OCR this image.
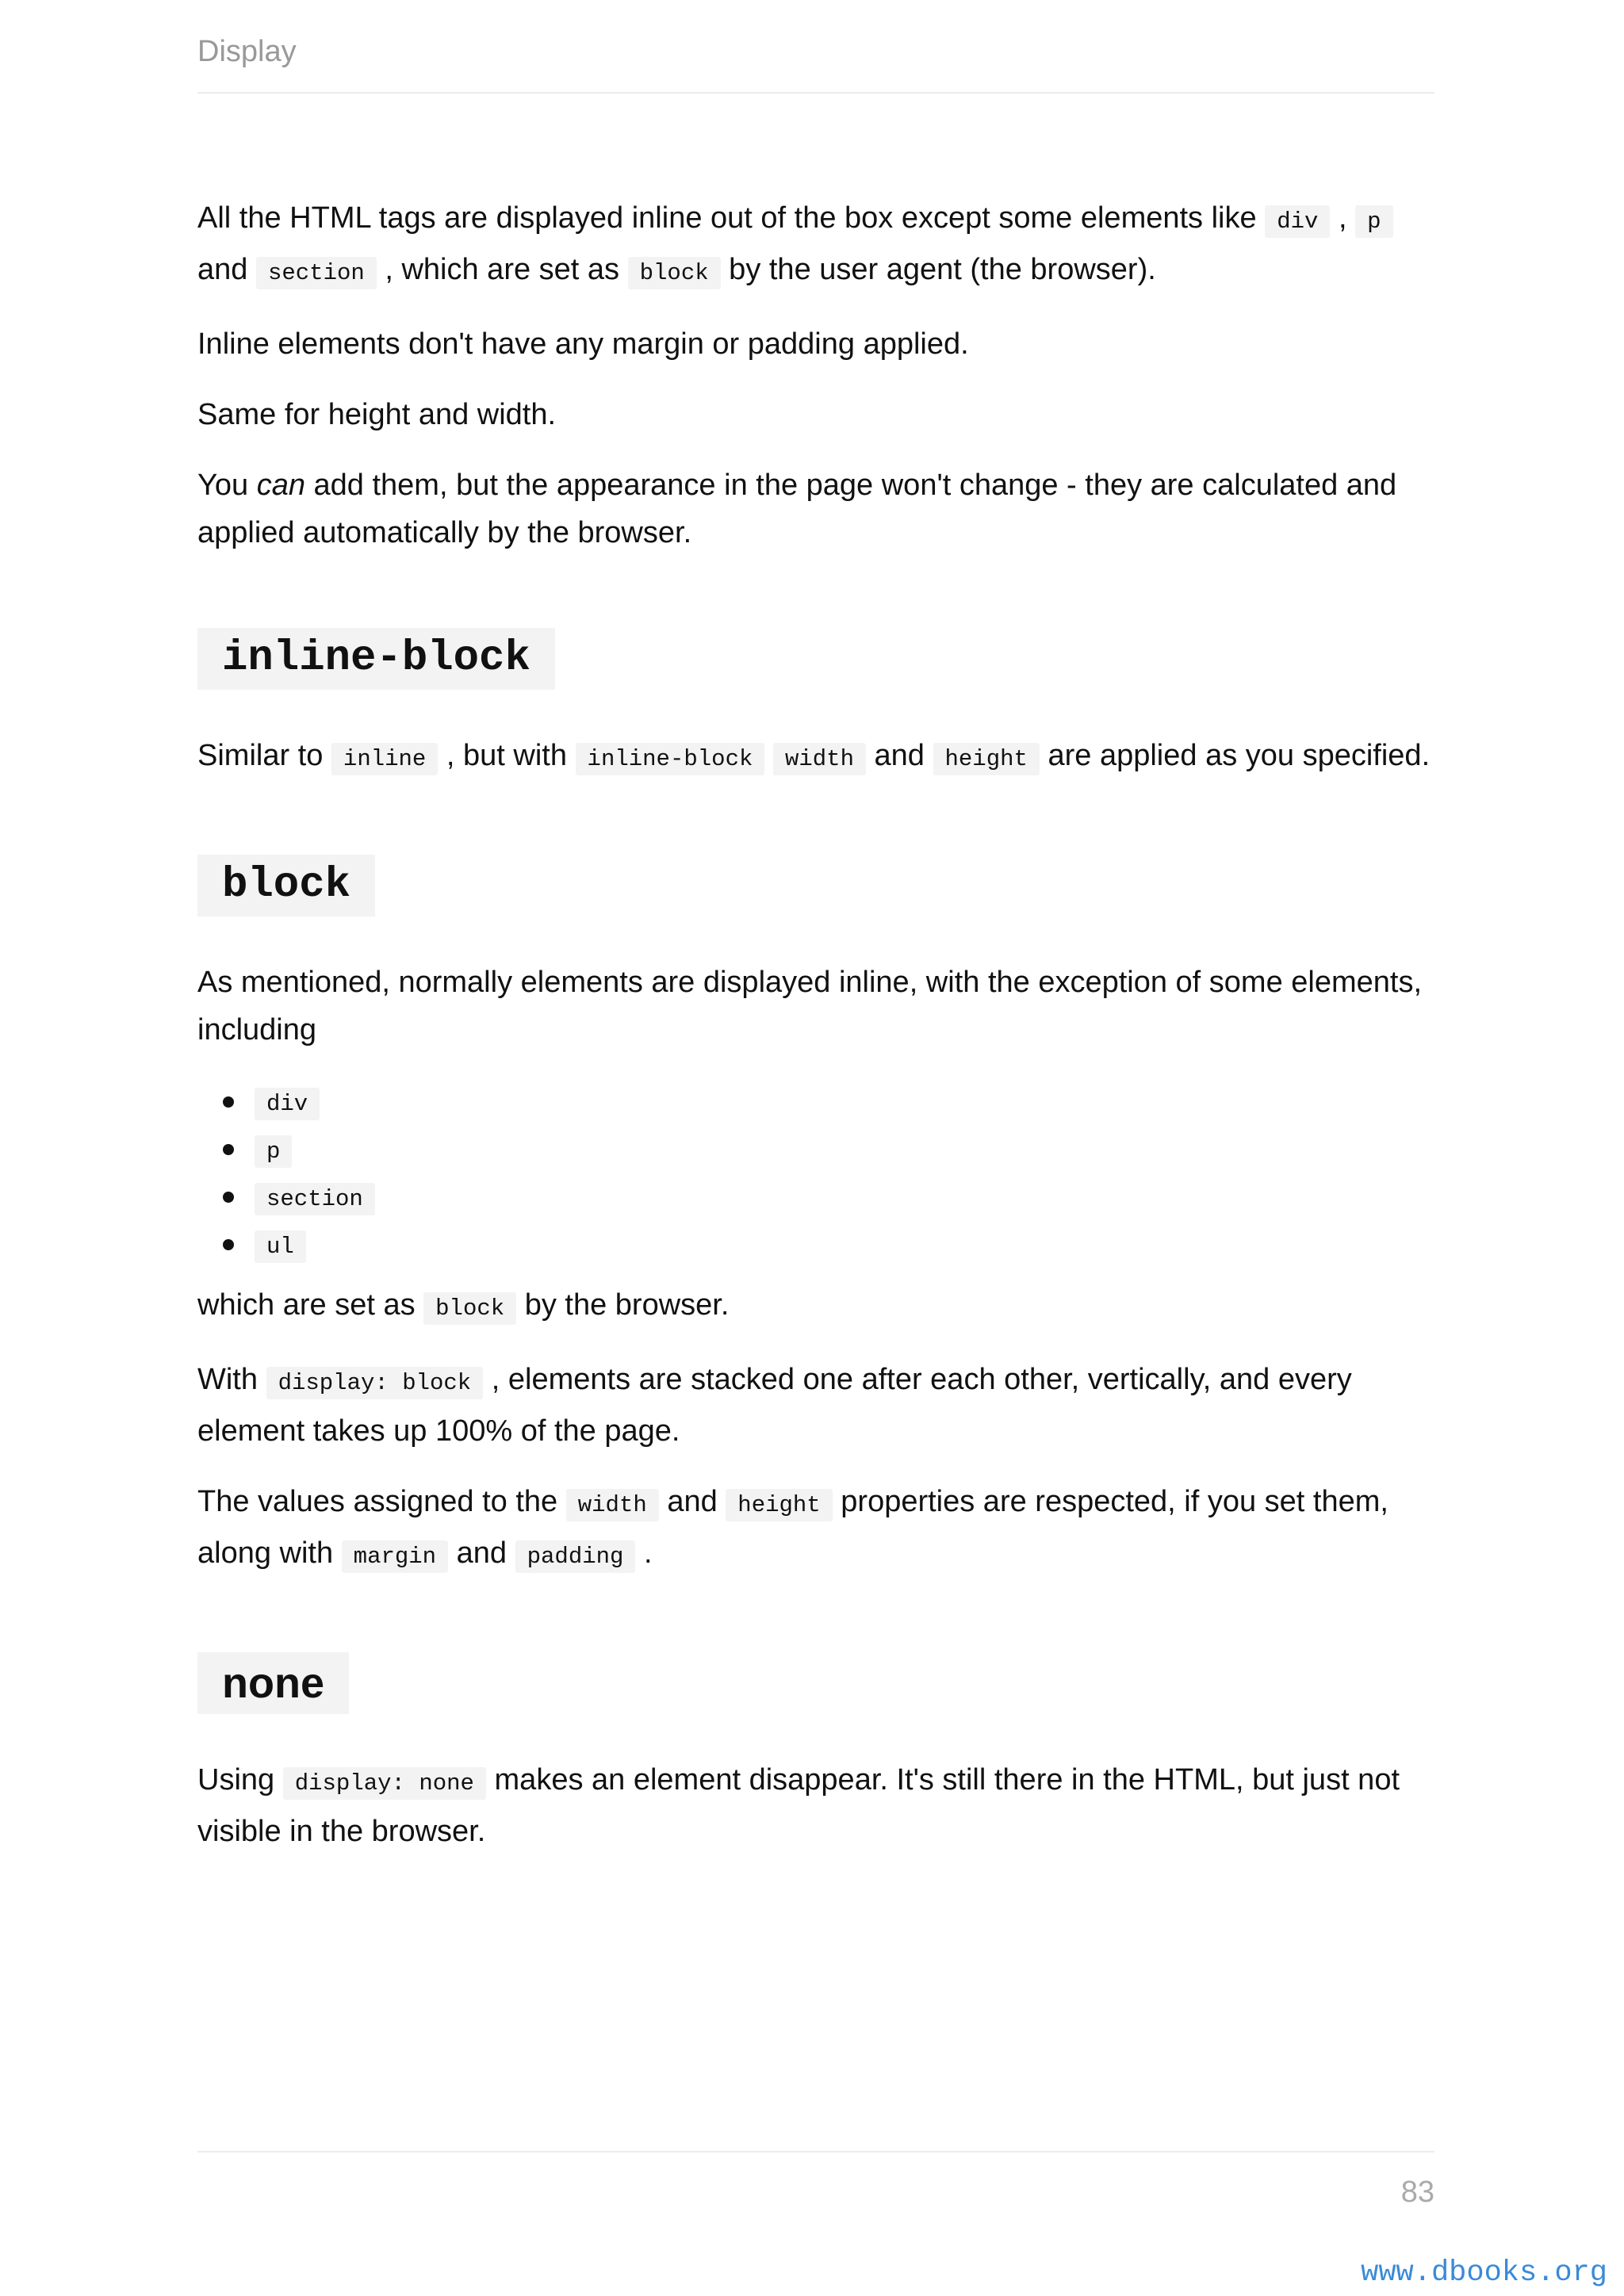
Display

All the HTML tags are displayed inline out of the box except some elements like div , p and section , which are set as block by the user agent (the browser).

Inline elements don't have any margin or padding applied.

Same for height and width.

You can add them, but the appearance in the page won't change - they are calculated and applied automatically by the browser.

inline-block

Similar to inline , but with inline-block width and height are applied as you specified.

block

As mentioned, normally elements are displayed inline, with the exception of some elements, including

div
p
section
ul

which are set as block by the browser.

With display: block , elements are stacked one after each other, vertically, and every element takes up 100% of the page.

The values assigned to the width and height properties are respected, if you set them, along with margin and padding .

none

Using display: none makes an element disappear. It's still there in the HTML, but just not visible in the browser.

83
www.dbooks.org
